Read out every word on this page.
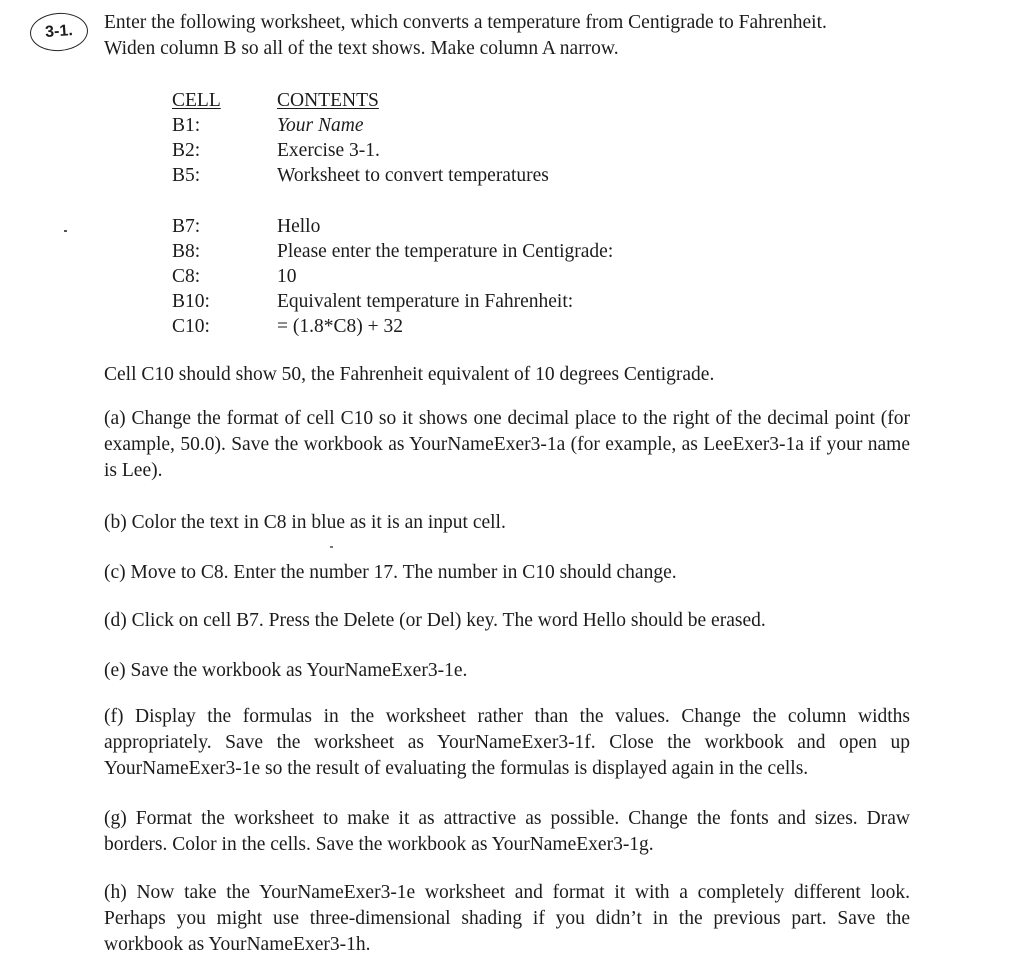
3-1. Enter the following worksheet, which converts a temperature from Centigrade to Fahrenheit.

Widen column B so all of the text shows. Make column A narrow.

CELL	CONTENTS
B1:	Your Name
B2:	Exercise 3-1.
B5:	Worksheet to convert temperatures
B7:	Hello
B8:	Please enter the temperature in Centigrade:
C8:	10
B10:	Equivalent temperature in Fahrenheit:
C10:	= (1.8*C8) + 32

Cell C10 should show 50, the Fahrenheit equivalent of 10 degrees Centigrade.

(a) Change the format of cell C10 so it shows one decimal place to the right of the decimal point (for example, 50.0). Save the workbook as YourNameExer3-1a (for example, as LeeExer3-1a if your name is Lee).

(b) Color the text in C8 in blue as it is an input cell.

(c) Move to C8. Enter the number 17. The number in C10 should change.

(d) Click on cell B7. Press the Delete (or Del) key. The word Hello should be erased.

(e) Save the workbook as YourNameExer3-1e.

(f) Display the formulas in the worksheet rather than the values. Change the column widths appropriately. Save the worksheet as YourNameExer3-1f. Close the workbook and open up YourNameExer3-1e so the result of evaluating the formulas is displayed again in the cells.

(g) Format the worksheet to make it as attractive as possible. Change the fonts and sizes. Draw borders. Color in the cells. Save the workbook as YourNameExer3-1g.

(h) Now take the YourNameExer3-1e worksheet and format it with a completely different look. Perhaps you might use three-dimensional shading if you didn’t in the previous part. Save the workbook as YourNameExer3-1h.
